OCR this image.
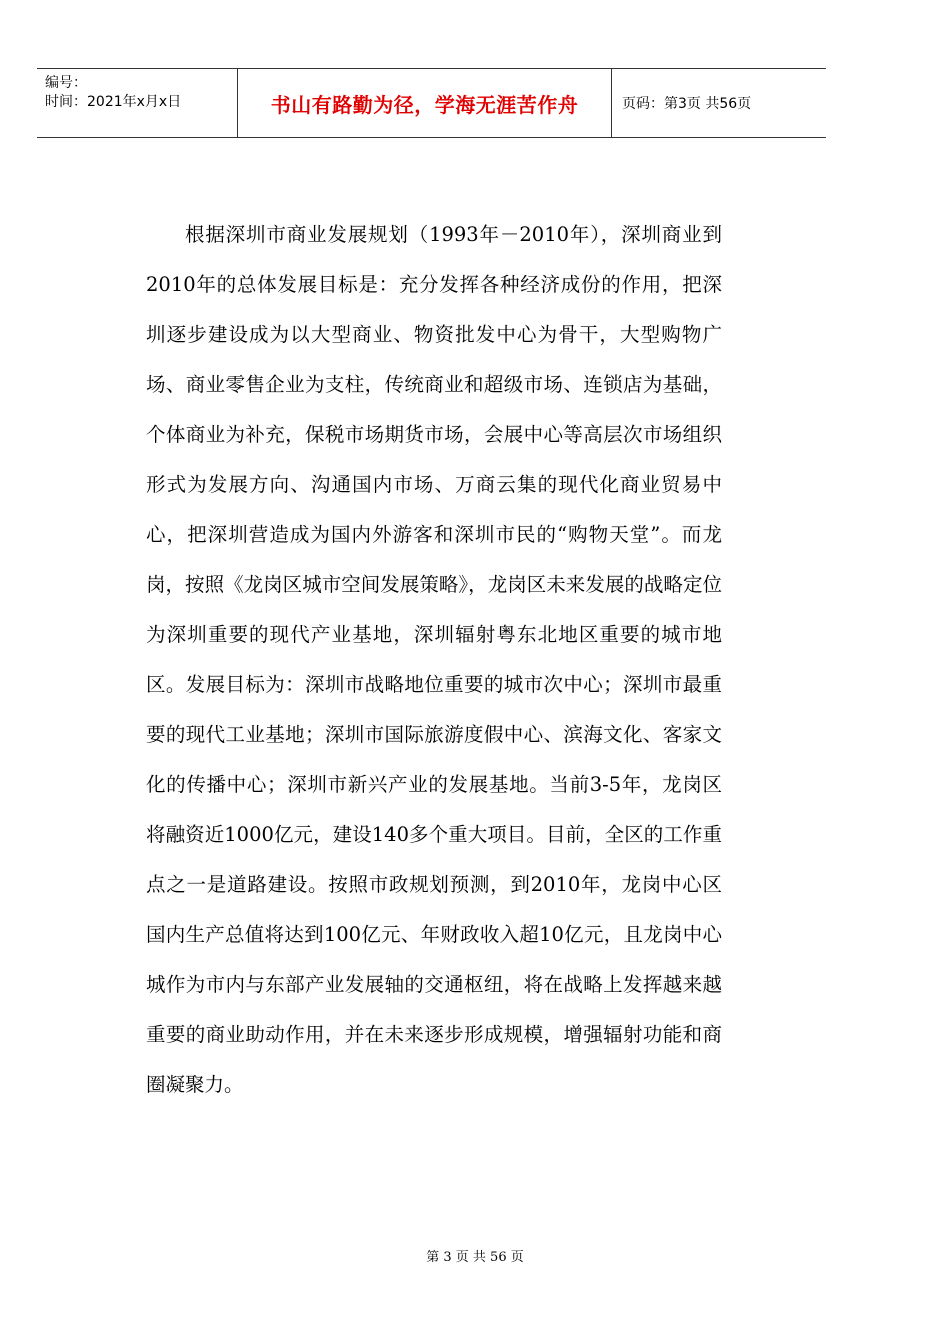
编号：
时间：2021年x月x日	书山有路勤为径，学海无涯苦作舟	页码：第3页 共56页

根据深圳市商业发展规划（1993年－2010年），深圳商业到2010年的总体发展目标是：充分发挥各种经济成份的作用，把深圳逐步建设成为以大型商业、物资批发中心为骨干，大型购物广场、商业零售企业为支柱，传统商业和超级市场、连锁店为基础，个体商业为补充，保税市场期货市场，会展中心等高层次市场组织形式为发展方向、沟通国内市场、万商云集的现代化商业贸易中心，把深圳营造成为国内外游客和深圳市民的“购物天堂”。而龙岗，按照《龙岗区城市空间发展策略》，龙岗区未来发展的战略定位为深圳重要的现代产业基地，深圳辐射粤东北地区重要的城市地区。发展目标为：深圳市战略地位重要的城市次中心；深圳市最重要的现代工业基地；深圳市国际旅游度假中心、滨海文化、客家文化的传播中心；深圳市新兴产业的发展基地。当前3-5年，龙岗区将融资近1000亿元，建设140多个重大项目。目前，全区的工作重点之一是道路建设。按照市政规划预测，到2010年，龙岗中心区国内生产总值将达到100亿元、年财政收入超10亿元，且龙岗中心城作为市内与东部产业发展轴的交通枢纽，将在战略上发挥越来越重要的商业助动作用，并在未来逐步形成规模，增强辐射功能和商圈凝聚力。

第 3 页 共 56 页
